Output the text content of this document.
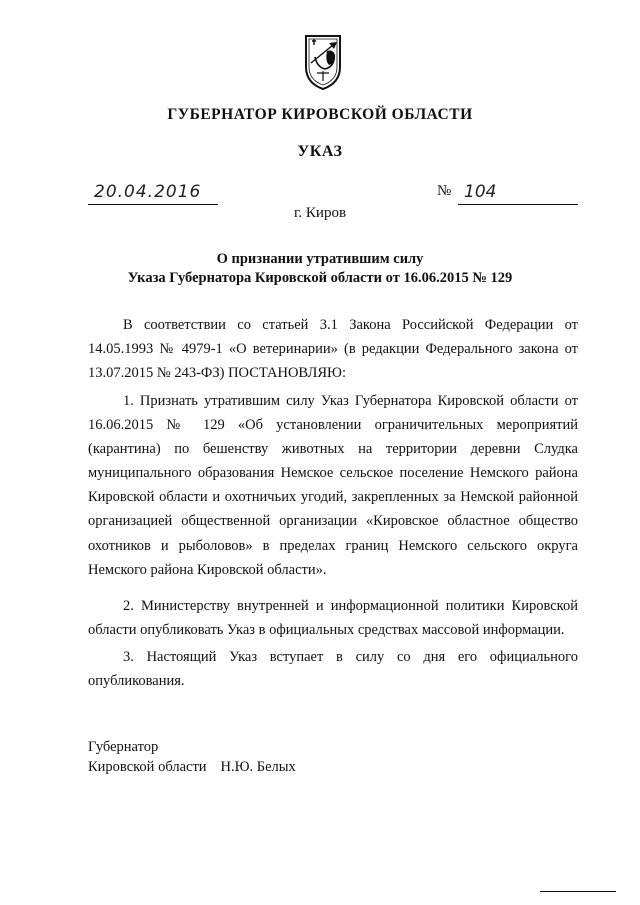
ГУБЕРНАТОР КИРОВСКОЙ ОБЛАСТИ
УКАЗ
20.04.2016	№ 104
г. Киров
О признании утратившим силу
Указа Губернатора Кировской области от 16.06.2015 № 129

В соответствии со статьей 3.1 Закона Российской Федерации от 14.05.1993 № 4979-1 «О ветеринарии» (в редакции Федерального закона от 13.07.2015 № 243-ФЗ) ПОСТАНОВЛЯЮ:

1. Признать утратившим силу Указ Губернатора Кировской области от 16.06.2015 № 129 «Об установлении ограничительных мероприятий (карантина) по бешенству животных на территории деревни Слудка муниципального образования Немское сельское поселение Немского района Кировской области и охотничьих угодий, закрепленных за Немской районной организацией общественной организации «Кировское областное общество охотников и рыболовов» в пределах границ Немского сельского округа Немского района Кировской области».

2. Министерству внутренней и информационной политики Кировской области опубликовать Указ в официальных средствах массовой информации.

3. Настоящий Указ вступает в силу со дня его официального опубликования.

Губернатор
Кировской области Н.Ю. Белых
